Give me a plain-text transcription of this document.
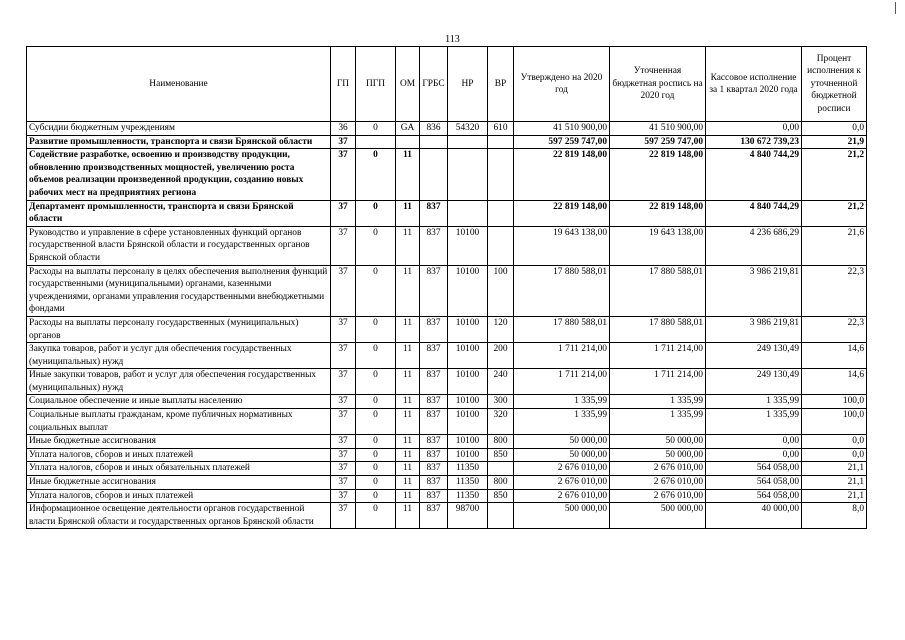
113
Наименование	ГП	ПГП	ОМ	ГРБС	НР	ВР	Утверждено на 2020 год	Уточненная бюджетная роспись на 2020 год	Кассовое исполнение за 1 квартал 2020 года	Процент исполнения к уточненной бюджетной росписи
Субсидии бюджетным учреждениям	36	0	GA	836	54320	610	41 510 900,00	41 510 900,00	0,00	0,0
Развитие промышленности, транспорта и связи Брянской области	37						597 259 747,00	597 259 747,00	130 672 739,23	21,9
Содействие разработке, освоению и производству продукции, обновлению производственных мощностей, увеличению роста объемов реализации произведенной продукции, созданию новых рабочих мест на предприятиях региона	37	0	11				22 819 148,00	22 819 148,00	4 840 744,29	21,2
Департамент промышленности, транспорта и связи Брянской области	37	0	11	837			22 819 148,00	22 819 148,00	4 840 744,29	21,2
Руководство и управление в сфере установленных функций органов государственной власти Брянской области и государственных органов Брянской области	37	0	11	837	10100		19 643 138,00	19 643 138,00	4 236 686,29	21,6
Расходы на выплаты персоналу в целях обеспечения выполнения функций государственными (муниципальными) органами, казенными учреждениями, органами управления государственными внебюджетными фондами	37	0	11	837	10100	100	17 880 588,01	17 880 588,01	3 986 219,81	22,3
Расходы на выплаты персоналу государственных (муниципальных) органов	37	0	11	837	10100	120	17 880 588,01	17 880 588,01	3 986 219,81	22,3
Закупка товаров, работ и услуг для обеспечения государственных (муниципальных) нужд	37	0	11	837	10100	200	1 711 214,00	1 711 214,00	249 130,49	14,6
Иные закупки товаров, работ и услуг для обеспечения государственных (муниципальных) нужд	37	0	11	837	10100	240	1 711 214,00	1 711 214,00	249 130,49	14,6
Социальное обеспечение и иные выплаты населению	37	0	11	837	10100	300	1 335,99	1 335,99	1 335,99	100,0
Социальные выплаты гражданам, кроме публичных нормативных социальных выплат	37	0	11	837	10100	320	1 335,99	1 335,99	1 335,99	100,0
Иные бюджетные ассигнования	37	0	11	837	10100	800	50 000,00	50 000,00	0,00	0,0
Уплата налогов, сборов и иных платежей	37	0	11	837	10100	850	50 000,00	50 000,00	0,00	0,0
Уплата налогов, сборов и иных обязательных платежей	37	0	11	837	11350		2 676 010,00	2 676 010,00	564 058,00	21,1
Иные бюджетные ассигнования	37	0	11	837	11350	800	2 676 010,00	2 676 010,00	564 058,00	21,1
Уплата налогов, сборов и иных платежей	37	0	11	837	11350	850	2 676 010,00	2 676 010,00	564 058,00	21,1
Информационное освещение деятельности органов государственной власти Брянской области и государственных органов Брянской области	37	0	11	837	98700		500 000,00	500 000,00	40 000,00	8,0
